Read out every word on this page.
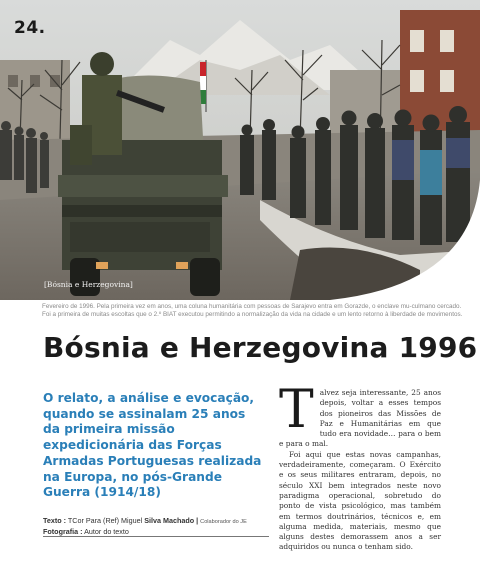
24.
[Bósnia e Herzegovina]
Fevereiro de 1996. Pela primeira vez em anos, uma coluna humanitária com pessoas de Sarajevo entra em Gorazde, o enclave mu-culmano cercado. Foi a primeira de muitas escoltas que o 2.º BIAT executou permitindo a normalização da vida na cidade e um lento retorno à liberdade de movimentos.
Bósnia e Herzegovina 1996
O relato, a análise e evocação, quando se assinalam 25 anos da primeira missão expedicionária das Forças Armadas Portuguesas realizada na Europa, no pós-Grande Guerra (1914/18)
Texto : TCor Para (Ref) Miguel Silva Machado | Colaborador do JE
Fotografia : Autor do texto
T alvez seja interessante, 25 anos depois, voltar a esses tempos dos pioneiros das Missões de Paz e Humanitárias em que tudo era novidade… para o bem e para o mal.

Foi aqui que estas novas campanhas, verdadeiramente, começaram. O Exército e os seus militares entraram, depois, no século XXI bem integrados neste novo paradigma operacional, sobretudo do ponto de vista psicológico, mas também em termos doutrinários, técnicos e, em alguma medida, materiais, mesmo que alguns destes demorassem anos a ser adquiridos ou nunca o tenham sido.
